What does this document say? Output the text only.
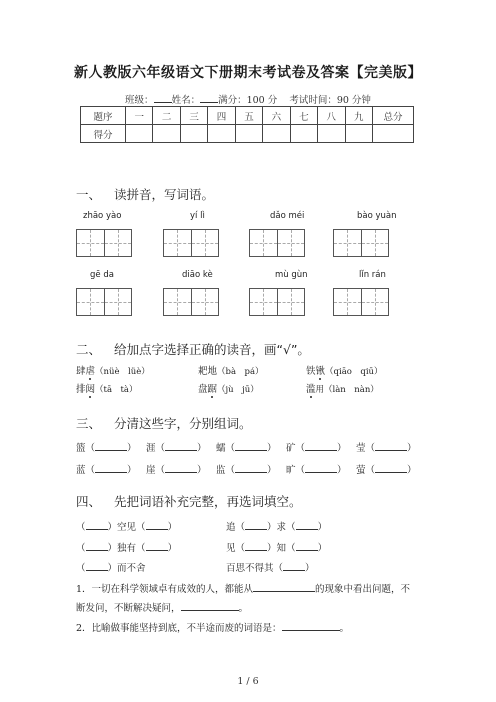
新人教版六年级语文下册期末考试卷及答案【完美版】
班级： 姓名： 满分：100 分 考试时间：90 分钟
题序	一	二	三	四	五	六	七	八	九	总分
得分										
一、 读拼音，写词语。
zhāo yào	yí lì	dǎo méi	bào yuàn
gē da	diāo kè	mù gùn	lǐn rán
二、 给加点字选择正确的读音，画“√”。
肆虐（nüè　lüè）	耙地（bà　pá）	铁锹（qiāo　qiū）
排闼（tā　tà）	盘踞（jù　jū）	滥用（làn　nàn）
三、 分清这些字，分别组词。
篮（	） 涯（	） 蠕（	） 矿（	） 莹（	）
蓝（	） 崖（	） 监（	） 旷（	） 萤（	）
四、 先把词语补充完整，再选词填空。
（ ）空见（ ）	追（ ）求（ ）
（ ）独有（ ）	见（ ）知（ ）
（ ）而不舍	百思不得其（ ）
1．一切在科学领域卓有成效的人，都能从	的现象中看出问题，不
断发问，不断解决疑问，	。
2．比喻做事能坚持到底，不半途而废的词语是：	。
1 / 6
